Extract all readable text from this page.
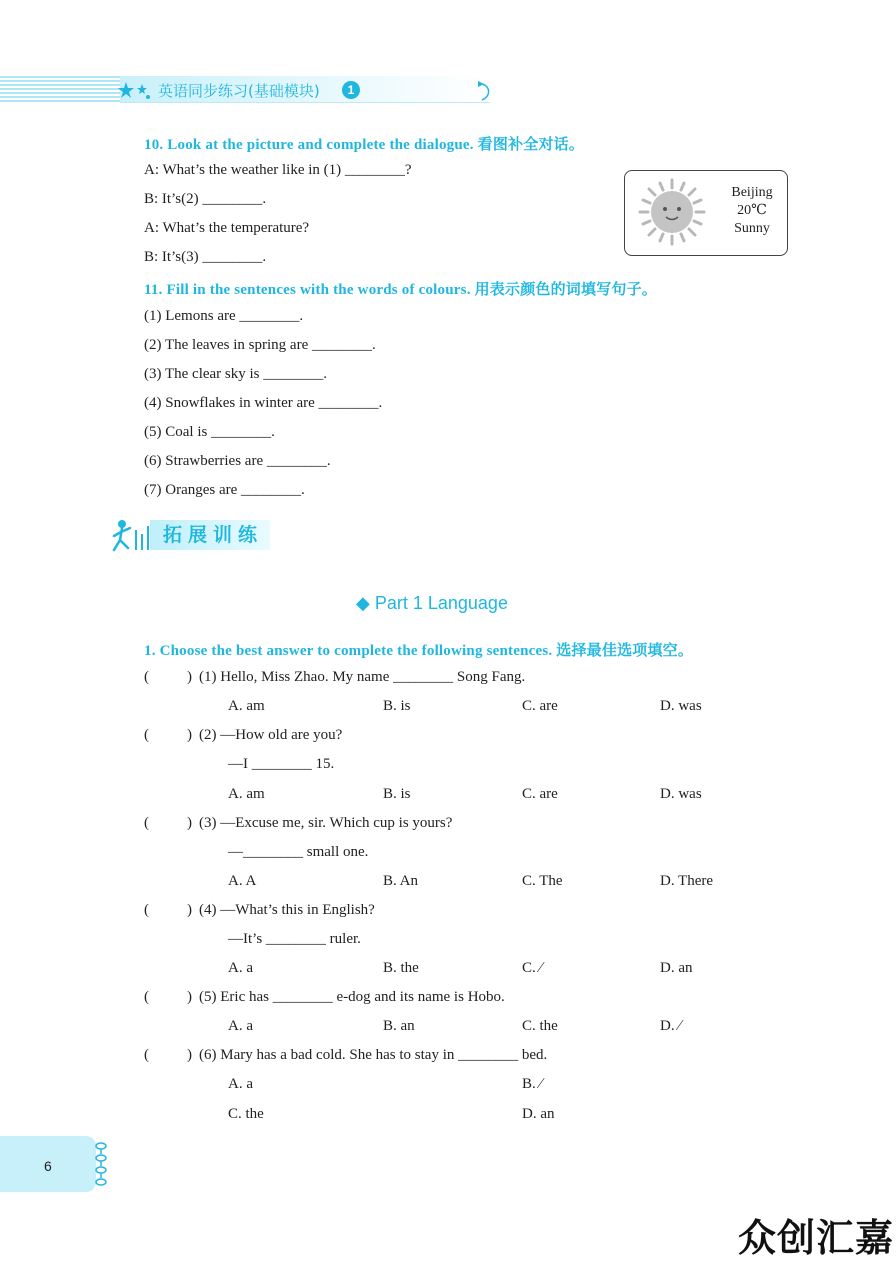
英语同步练习(基础模块)	1
10. Look at the picture and complete the dialogue. 看图补全对话。
A: What’s the weather like in (1) ________?
B: It’s(2) ________.
A: What’s the temperature?
B: It’s(3) ________.
Beijing
20℃
Sunny
11. Fill in the sentences with the words of colours. 用表示颜色的词填写句子。
(1) Lemons are ________.
(2) The leaves in spring are ________.
(3) The clear sky is ________.
(4) Snowflakes in winter are ________.
(5) Coal is ________.
(6) Strawberries are ________.
(7) Oranges are ________.
拓展训练
◆ Part 1 Language
1. Choose the best answer to complete the following sentences. 选择最佳选项填空。
(	) (1) Hello, Miss Zhao. My name ________ Song Fang.
A. am	B. is	C. are	D. was
(	) (2) —How old are you?
—I ________ 15.
A. am	B. is	C. are	D. was
(	) (3) —Excuse me, sir. Which cup is yours?
—________ small one.
A. A	B. An	C. The	D. There
(	) (4) —What’s this in English?
—It’s ________ ruler.
A. a	B. the	C. ∕	D. an
(	) (5) Eric has ________ e-dog and its name is Hobo.
A. a	B. an	C. the	D. ∕
(	) (6) Mary has a bad cold. She has to stay in ________ bed.
A. a	B. ∕
C. the	D. an
6
众创汇嘉
